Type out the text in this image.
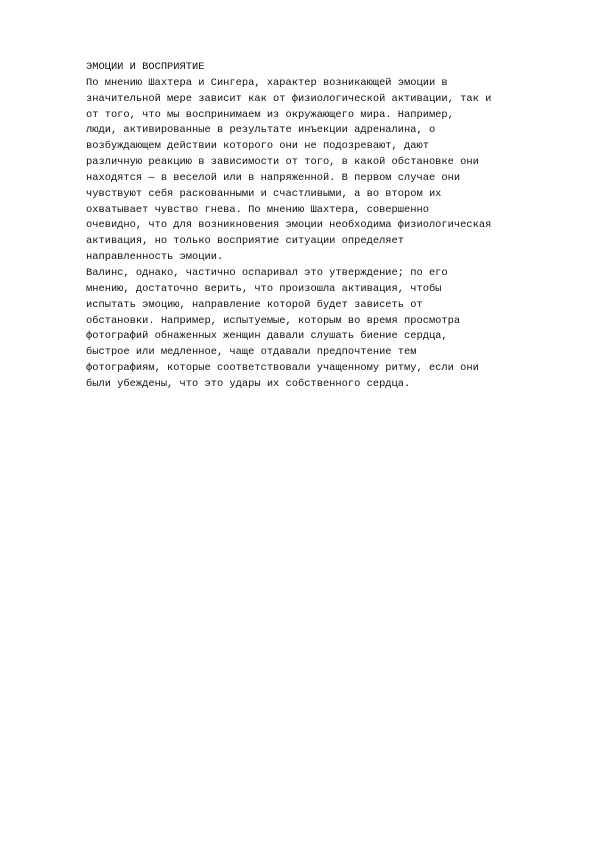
ЭМОЦИИ И ВОСПРИЯТИЕ
По мнению Шахтера и Сингера, характер возникающей эмоции в
значительной мере зависит как от физиологической активации, так и
от того, что мы воспринимаем из окружающего мира. Например,
люди, активированные в результате инъекции адреналина, о
возбуждающем действии которого они не подозревают, дают
различную реакцию в зависимости от того, в какой обстановке они
находятся — в веселой или в напряженной. В первом случае они
чувствуют себя раскованными и счастливыми, а во втором их
охватывает чувство гнева. По мнению Шахтера, совершенно
очевидно, что для возникновения эмоции необходима физиологическая
активация, но только восприятие ситуации определяет
направленность эмоции.
Валинс, однако, частично оспаривал это утверждение; по его
мнению, достаточно верить, что произошла активация, чтобы
испытать эмоцию, направление которой будет зависеть от
обстановки. Например, испытуемые, которым во время просмотра
фотографий обнаженных женщин давали слушать биение сердца,
быстрое или медленное, чаще отдавали предпочтение тем
фотографиям, которые соответствовали учащенному ритму, если они
были убеждены, что это удары их собственного сердца.
